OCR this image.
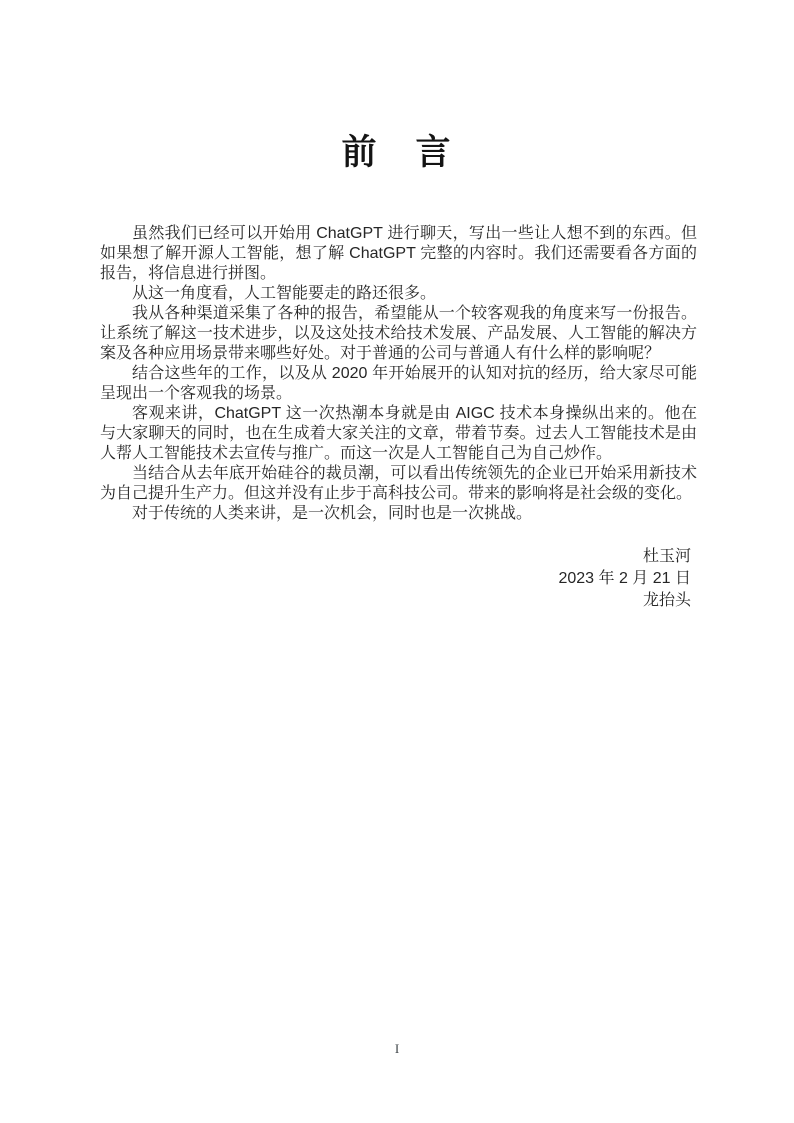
前　言

虽然我们已经可以开始用 ChatGPT 进行聊天，写出一些让人想不到的东西。但如果想了解开源人工智能，想了解 ChatGPT 完整的内容时。我们还需要看各方面的报告，将信息进行拼图。

从这一角度看，人工智能要走的路还很多。

我从各种渠道采集了各种的报告，希望能从一个较客观我的角度来写一份报告。让系统了解这一技术进步，以及这处技术给技术发展、产品发展、人工智能的解决方案及各种应用场景带来哪些好处。对于普通的公司与普通人有什么样的影响呢？

结合这些年的工作，以及从 2020 年开始展开的认知对抗的经历，给大家尽可能呈现出一个客观我的场景。

客观来讲，ChatGPT 这一次热潮本身就是由 AIGC 技术本身操纵出来的。他在与大家聊天的同时，也在生成着大家关注的文章，带着节奏。过去人工智能技术是由人帮人工智能技术去宣传与推广。而这一次是人工智能自己为自己炒作。

当结合从去年底开始硅谷的裁员潮，可以看出传统领先的企业已开始采用新技术为自己提升生产力。但这并没有止步于高科技公司。带来的影响将是社会级的变化。

对于传统的人类来讲，是一次机会，同时也是一次挑战。

杜玉河
2023 年 2 月 21 日
龙抬头
I
